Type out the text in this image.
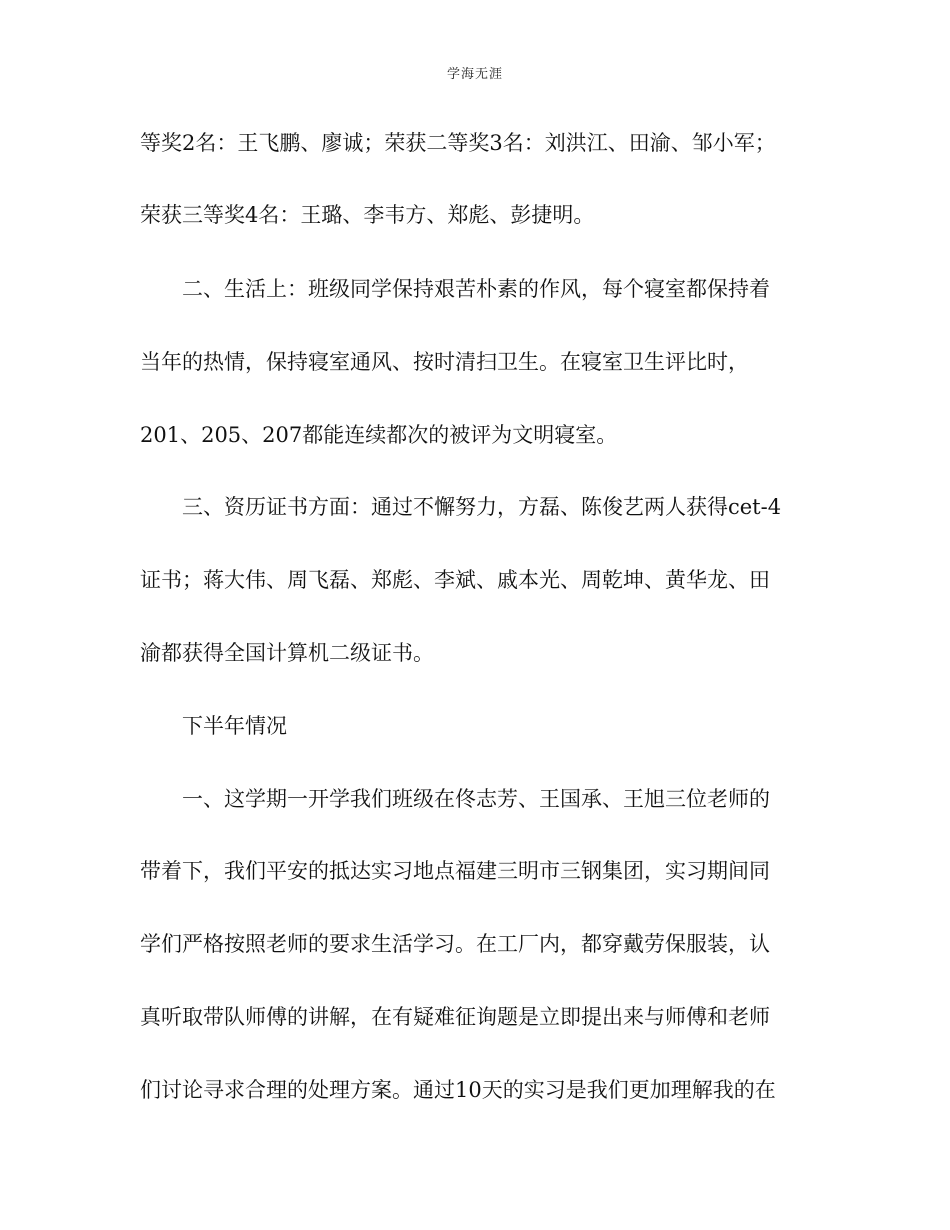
学海无涯
等奖2名：王飞鹏、廖诚；荣获二等奖3名：刘洪江、田渝、邹小军；
荣获三等奖4名：王璐、李韦方、郑彪、彭捷明。
二、生活上：班级同学保持艰苦朴素的作风，每个寝室都保持着
当年的热情，保持寝室通风、按时清扫卫生。在寝室卫生评比时，
201、205、207都能连续都次的被评为文明寝室。
三、资历证书方面：通过不懈努力，方磊、陈俊艺两人获得cet-4
证书；蒋大伟、周飞磊、郑彪、李斌、戚本光、周乾坤、黄华龙、田
渝都获得全国计算机二级证书。
下半年情况
一、这学期一开学我们班级在佟志芳、王国承、王旭三位老师的
带着下，我们平安的抵达实习地点福建三明市三钢集团，实习期间同
学们严格按照老师的要求生活学习。在工厂内，都穿戴劳保服装，认
真听取带队师傅的讲解，在有疑难征询题是立即提出来与师傅和老师
们讨论寻求合理的处理方案。通过10天的实习是我们更加理解我的在
